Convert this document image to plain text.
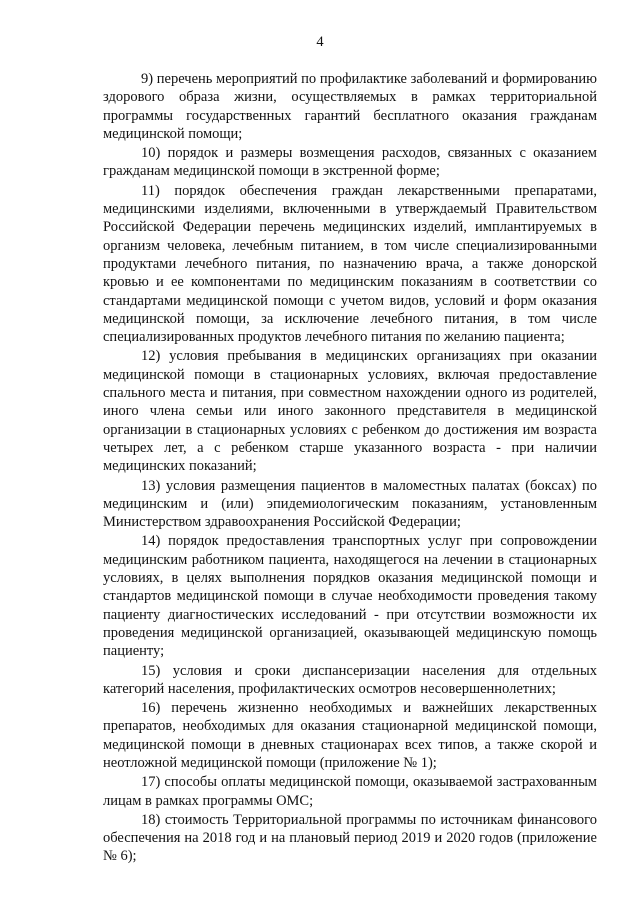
4

9) перечень мероприятий по профилактике заболеваний и формированию здорового образа жизни, осуществляемых в рамках территориальной программы государственных гарантий бесплатного оказания гражданам медицинской помощи;

10) порядок и размеры возмещения расходов, связанных с оказанием гражданам медицинской помощи в экстренной форме;

11) порядок обеспечения граждан лекарственными препаратами, медицинскими изделиями, включенными в утверждаемый Правительством Российской Федерации перечень медицинских изделий, имплантируемых в организм человека, лечебным питанием, в том числе специализированными продуктами лечебного питания, по назначению врача, а также донорской кровью и ее компонентами по медицинским показаниям в соответствии со стандартами медицинской помощи с учетом видов, условий и форм оказания медицинской помощи, за исключение лечебного питания, в том числе специализированных продуктов лечебного питания по желанию пациента;

12) условия пребывания в медицинских организациях при оказании медицинской помощи в стационарных условиях, включая предоставление спального места и питания, при совместном нахождении одного из родителей, иного члена семьи или иного законного представителя в медицинской организации в стационарных условиях с ребенком до достижения им возраста четырех лет, а с ребенком старше указанного возраста - при наличии медицинских показаний;

13) условия размещения пациентов в маломестных палатах (боксах) по медицинским и (или) эпидемиологическим показаниям, установленным Министерством здравоохранения Российской Федерации;

14) порядок предоставления транспортных услуг при сопровождении медицинским работником пациента, находящегося на лечении в стационарных условиях, в целях выполнения порядков оказания медицинской помощи и стандартов медицинской помощи в случае необходимости проведения такому пациенту диагностических исследований - при отсутствии возможности их проведения медицинской организацией, оказывающей медицинскую помощь пациенту;

15) условия и сроки диспансеризации населения для отдельных категорий населения, профилактических осмотров несовершеннолетних;

16) перечень жизненно необходимых и важнейших лекарственных препаратов, необходимых для оказания стационарной медицинской помощи, медицинской помощи в дневных стационарах всех типов, а также скорой и неотложной медицинской помощи (приложение № 1);

17) способы оплаты медицинской помощи, оказываемой застрахованным лицам в рамках программы ОМС;

18) стоимость Территориальной программы по источникам финансового обеспечения на 2018 год и на плановый период 2019 и 2020 годов (приложение № 6);
